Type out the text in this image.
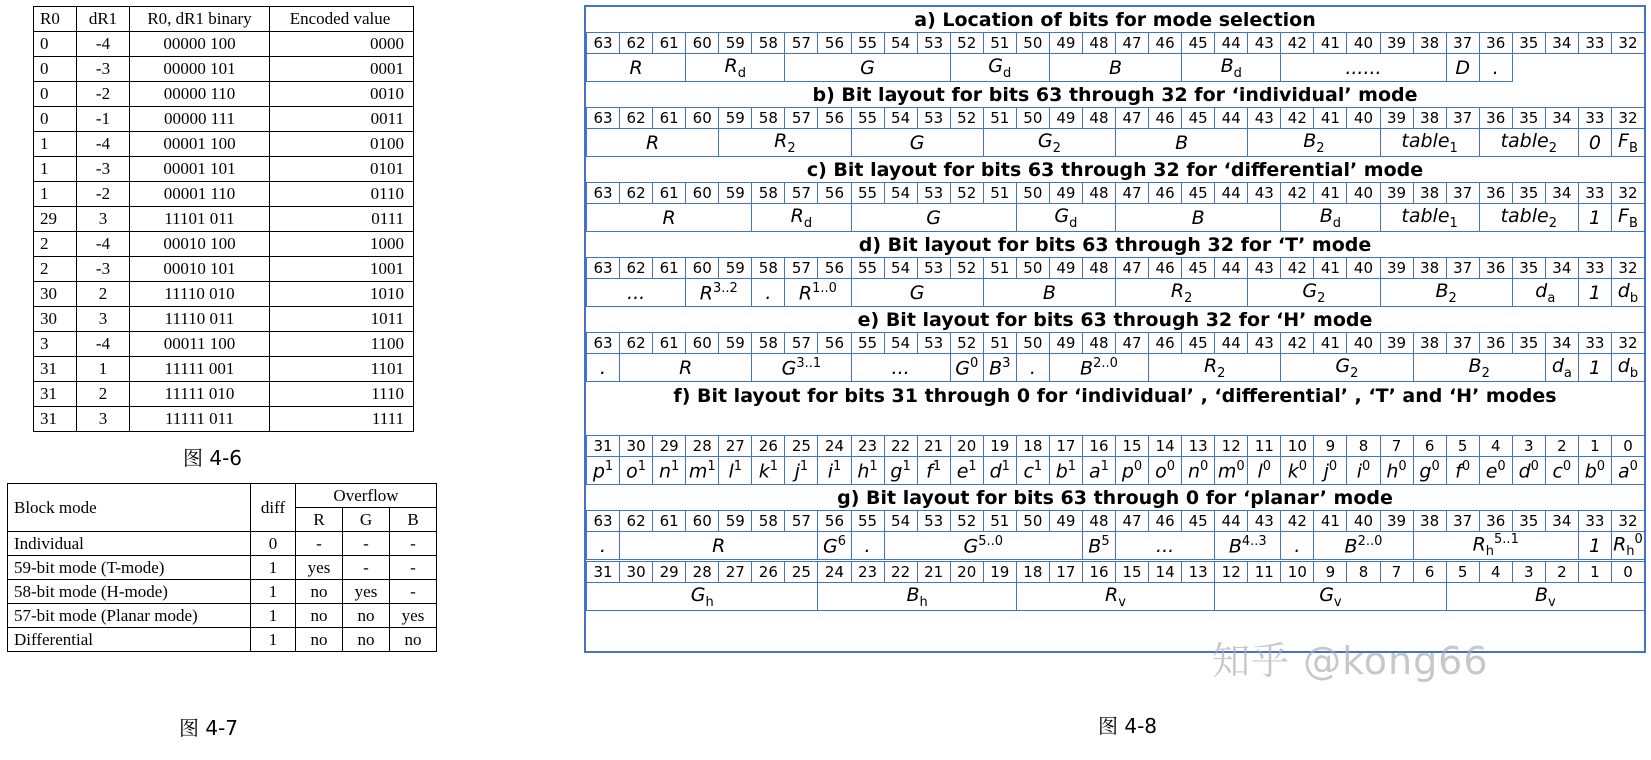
R0	dR1	R0, dR1 binary	Encoded value
0	-4	00000 100	0000
0	-3	00000 101	0001
0	-2	00000 110	0010
0	-1	00000 111	0011
1	-4	00001 100	0100
1	-3	00001 101	0101
1	-2	00001 110	0110
29	3	11101 011	0111
2	-4	00010 100	1000
2	-3	00010 101	1001
30	2	11110 010	1010
30	3	11110 011	1011
3	-4	00011 100	1100
31	1	11111 001	1101
31	2	11111 010	1110
31	3	11111 011	1111
图 4-6
Block mode	diff	Overflow		
		R	G	B
Individual	0	-	-	-
59-bit mode (T-mode)	1	yes	-	-
58-bit mode (H-mode)	1	no	yes	-
57-bit mode (Planar mode)	1	no	no	yes
Differential	1	no	no	no
图 4-7
a) Location of bits for mode selection
63	62	61	60	59	58	57	56	55	54	53	52	51	50	49	48	47	46	45	44	43	42	41	40	39	38	37	36	35	34	33	32
R			$R_d$			G					$G_d$			B				$B_d$			......					D	.				
b) Bit layout for bits 63 through 32 for ‘individual’ mode
63	62	61	60	59	58	57	56	55	54	53	52	51	50	49	48	47	46	45	44	43	42	41	40	39	38	37	36	35	34	33	32
R				$R_2$				G				$G_2$				B				$B_2$				table$_1$			table$_2$			0	$F_B$
c) Bit layout for bits 63 through 32 for ‘differential’ mode
63	62	61	60	59	58	57	56	55	54	53	52	51	50	49	48	47	46	45	44	43	42	41	40	39	38	37	36	35	34	33	32
R					$R_d$			G					$G_d$			B					$B_d$			table$_1$			table$_2$			1	$F_B$
d) Bit layout for bits 63 through 32 for ‘T’ mode
63	62	61	60	59	58	57	56	55	54	53	52	51	50	49	48	47	46	45	44	43	42	41	40	39	38	37	36	35	34	33	32
...			$R^{3..2}$		.	$R^{1..0}$		G				B				$R_2$				$G_2$				$B_2$				$d_a$		1	$d_b$
e) Bit layout for bits 63 through 32 for ‘H’ mode
63	62	61	60	59	58	57	56	55	54	53	52	51	50	49	48	47	46	45	44	43	42	41	40	39	38	37	36	35	34	33	32
.	R				$G^{3..1}$			...			$G^0$	$B^3$	.	$B^{2..0}$			$R_2$				$G_2$				$B_2$				$d_a$	1	$d_b$
f) Bit layout for bits 31 through 0 for ‘individual’ , ‘differential’ , ‘T’ and ‘H’ modes
31	30	29	28	27	26	25	24	23	22	21	20	19	18	17	16	15	14	13	12	11	10	9	8	7	6	5	4	3	2	1	0
$p^1$	$o^1$	$n^1$	$m^1$	$l^1$	$k^1$	$j^1$	$i^1$	$h^1$	$g^1$	$f^1$	$e^1$	$d^1$	$c^1$	$b^1$	$a^1$	$p^0$	$o^0$	$n^0$	$m^0$	$l^0$	$k^0$	$j^0$	$i^0$	$h^0$	$g^0$	$f^0$	$e^0$	$d^0$	$c^0$	$b^0$	$a^0$
g) Bit layout for bits 63 through 0 for ‘planar’ mode
63	62	61	60	59	58	57	56	55	54	53	52	51	50	49	48	47	46	45	44	43	42	41	40	39	38	37	36	35	34	33	32
.	R						$G^6$	.	$G^{5..0}$						$B^5$	...			$B^{4..3}$		.	$B^{2..0}$			$R_h^{5..1}$					1	$R_h^0$
31	30	29	28	27	26	25	24	23	22	21	20	19	18	17	16	15	14	13	12	11	10	9	8	7	6	5	4	3	2	1	0
$G_h$							$B_h$						$R_v$						$G_v$							$B_v$
知乎 @kong66
图 4-8
